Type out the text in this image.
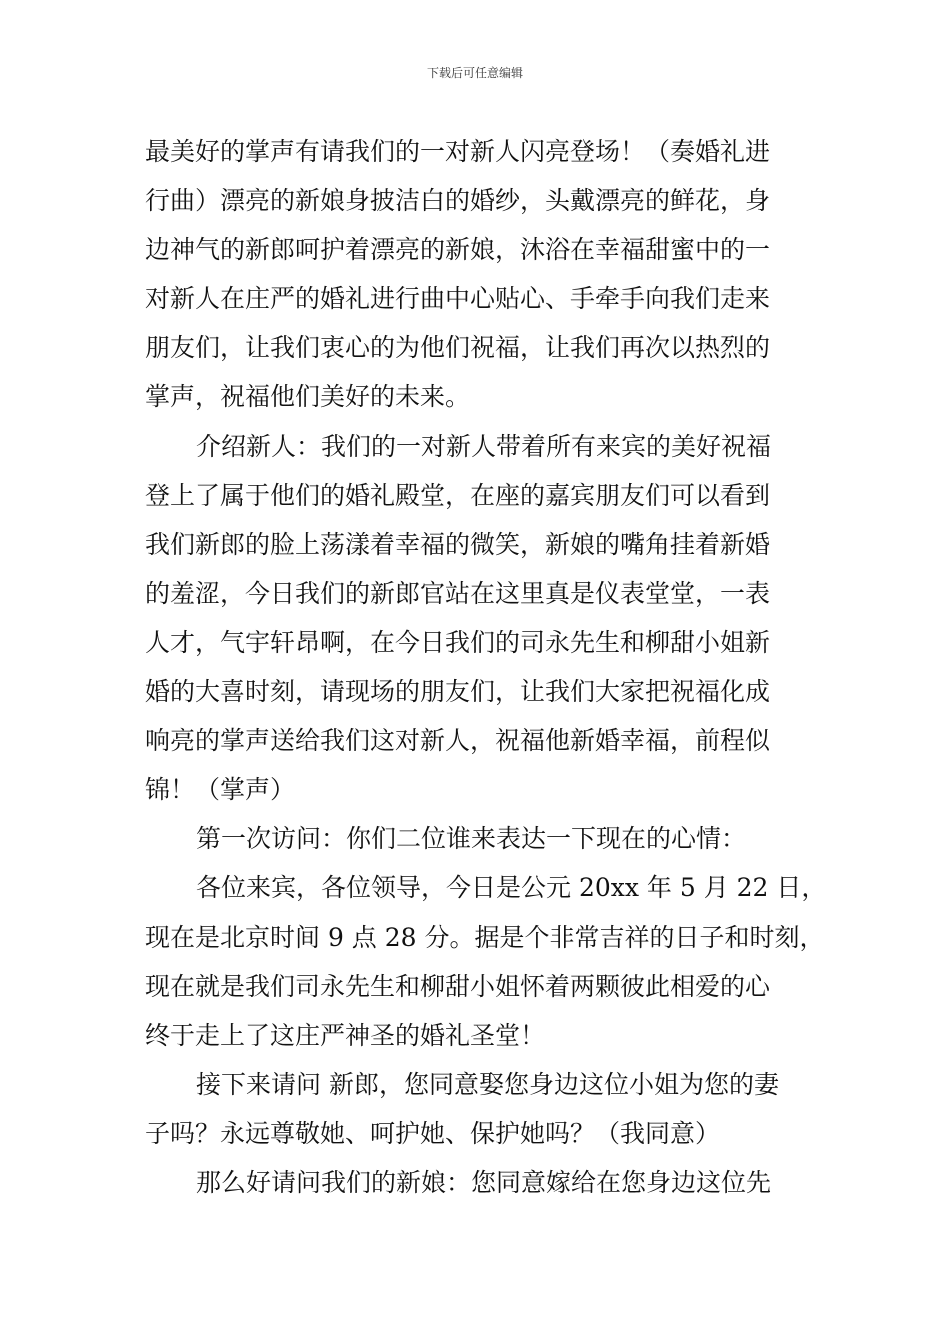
下载后可任意编辑
最美好的掌声有请我们的一对新人闪亮登场！（奏婚礼进
行曲）漂亮的新娘身披洁白的婚纱，头戴漂亮的鲜花，身
边神气的新郎呵护着漂亮的新娘，沐浴在幸福甜蜜中的一
对新人在庄严的婚礼进行曲中心贴心、手牵手向我们走来
朋友们，让我们衷心的为他们祝福，让我们再次以热烈的
掌声，祝福他们美好的未来。
介绍新人：我们的一对新人带着所有来宾的美好祝福
登上了属于他们的婚礼殿堂，在座的嘉宾朋友们可以看到
我们新郎的脸上荡漾着幸福的微笑，新娘的嘴角挂着新婚
的羞涩，今日我们的新郎官站在这里真是仪表堂堂，一表
人才，气宇轩昂啊，在今日我们的司永先生和柳甜小姐新
婚的大喜时刻，请现场的朋友们，让我们大家把祝福化成
响亮的掌声送给我们这对新人，祝福他新婚幸福，前程似
锦！（掌声）
第一次访问：你们二位谁来表达一下现在的心情：
各位来宾，各位领导，今日是公元 20xx 年 5 月 22 日，
现在是北京时间 9 点 28 分。据是个非常吉祥的日子和时刻，
现在就是我们司永先生和柳甜小姐怀着两颗彼此相爱的心
终于走上了这庄严神圣的婚礼圣堂！
接下来请问 新郎，您同意娶您身边这位小姐为您的妻
子吗？永远尊敬她、呵护她、保护她吗？（我同意）
那么好请问我们的新娘：您同意嫁给在您身边这位先
